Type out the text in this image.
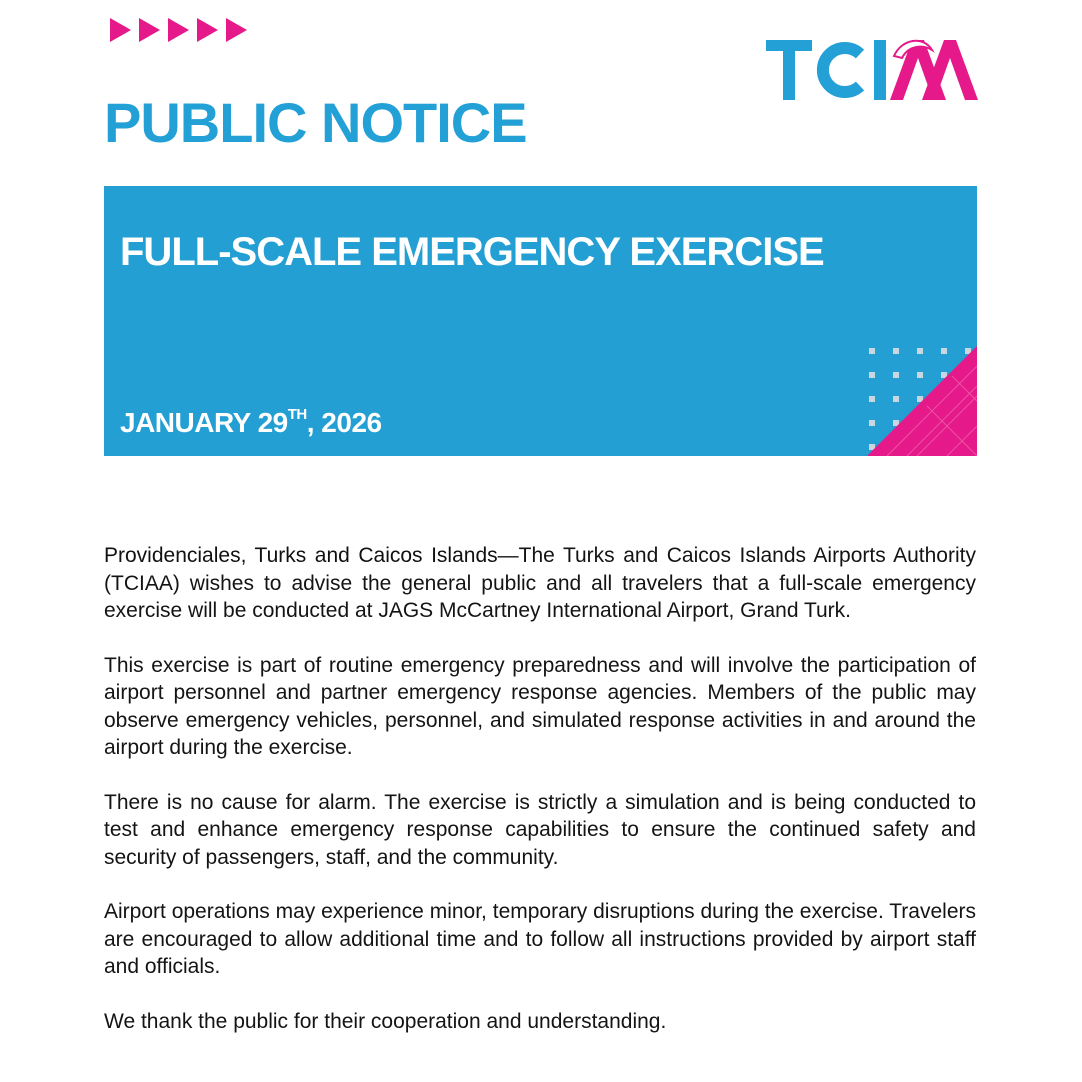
PUBLIC NOTICE
FULL-SCALE EMERGENCY EXERCISE
JANUARY 29TH, 2026

Providenciales, Turks and Caicos Islands—The Turks and Caicos Islands Airports Authority (TCIAA) wishes to advise the general public and all travelers that a full-scale emergency exercise will be conducted at JAGS McCartney International Airport, Grand Turk.

This exercise is part of routine emergency preparedness and will involve the participation of airport personnel and partner emergency response agencies. Members of the public may observe emergency vehicles, personnel, and simulated response activities in and around the airport during the exercise.

There is no cause for alarm. The exercise is strictly a simulation and is being conducted to test and enhance emergency response capabilities to ensure the continued safety and security of passengers, staff, and the community.

Airport operations may experience minor, temporary disruptions during the exercise. Travelers are encouraged to allow additional time and to follow all instructions provided by airport staff and officials.

We thank the public for their cooperation and understanding.
